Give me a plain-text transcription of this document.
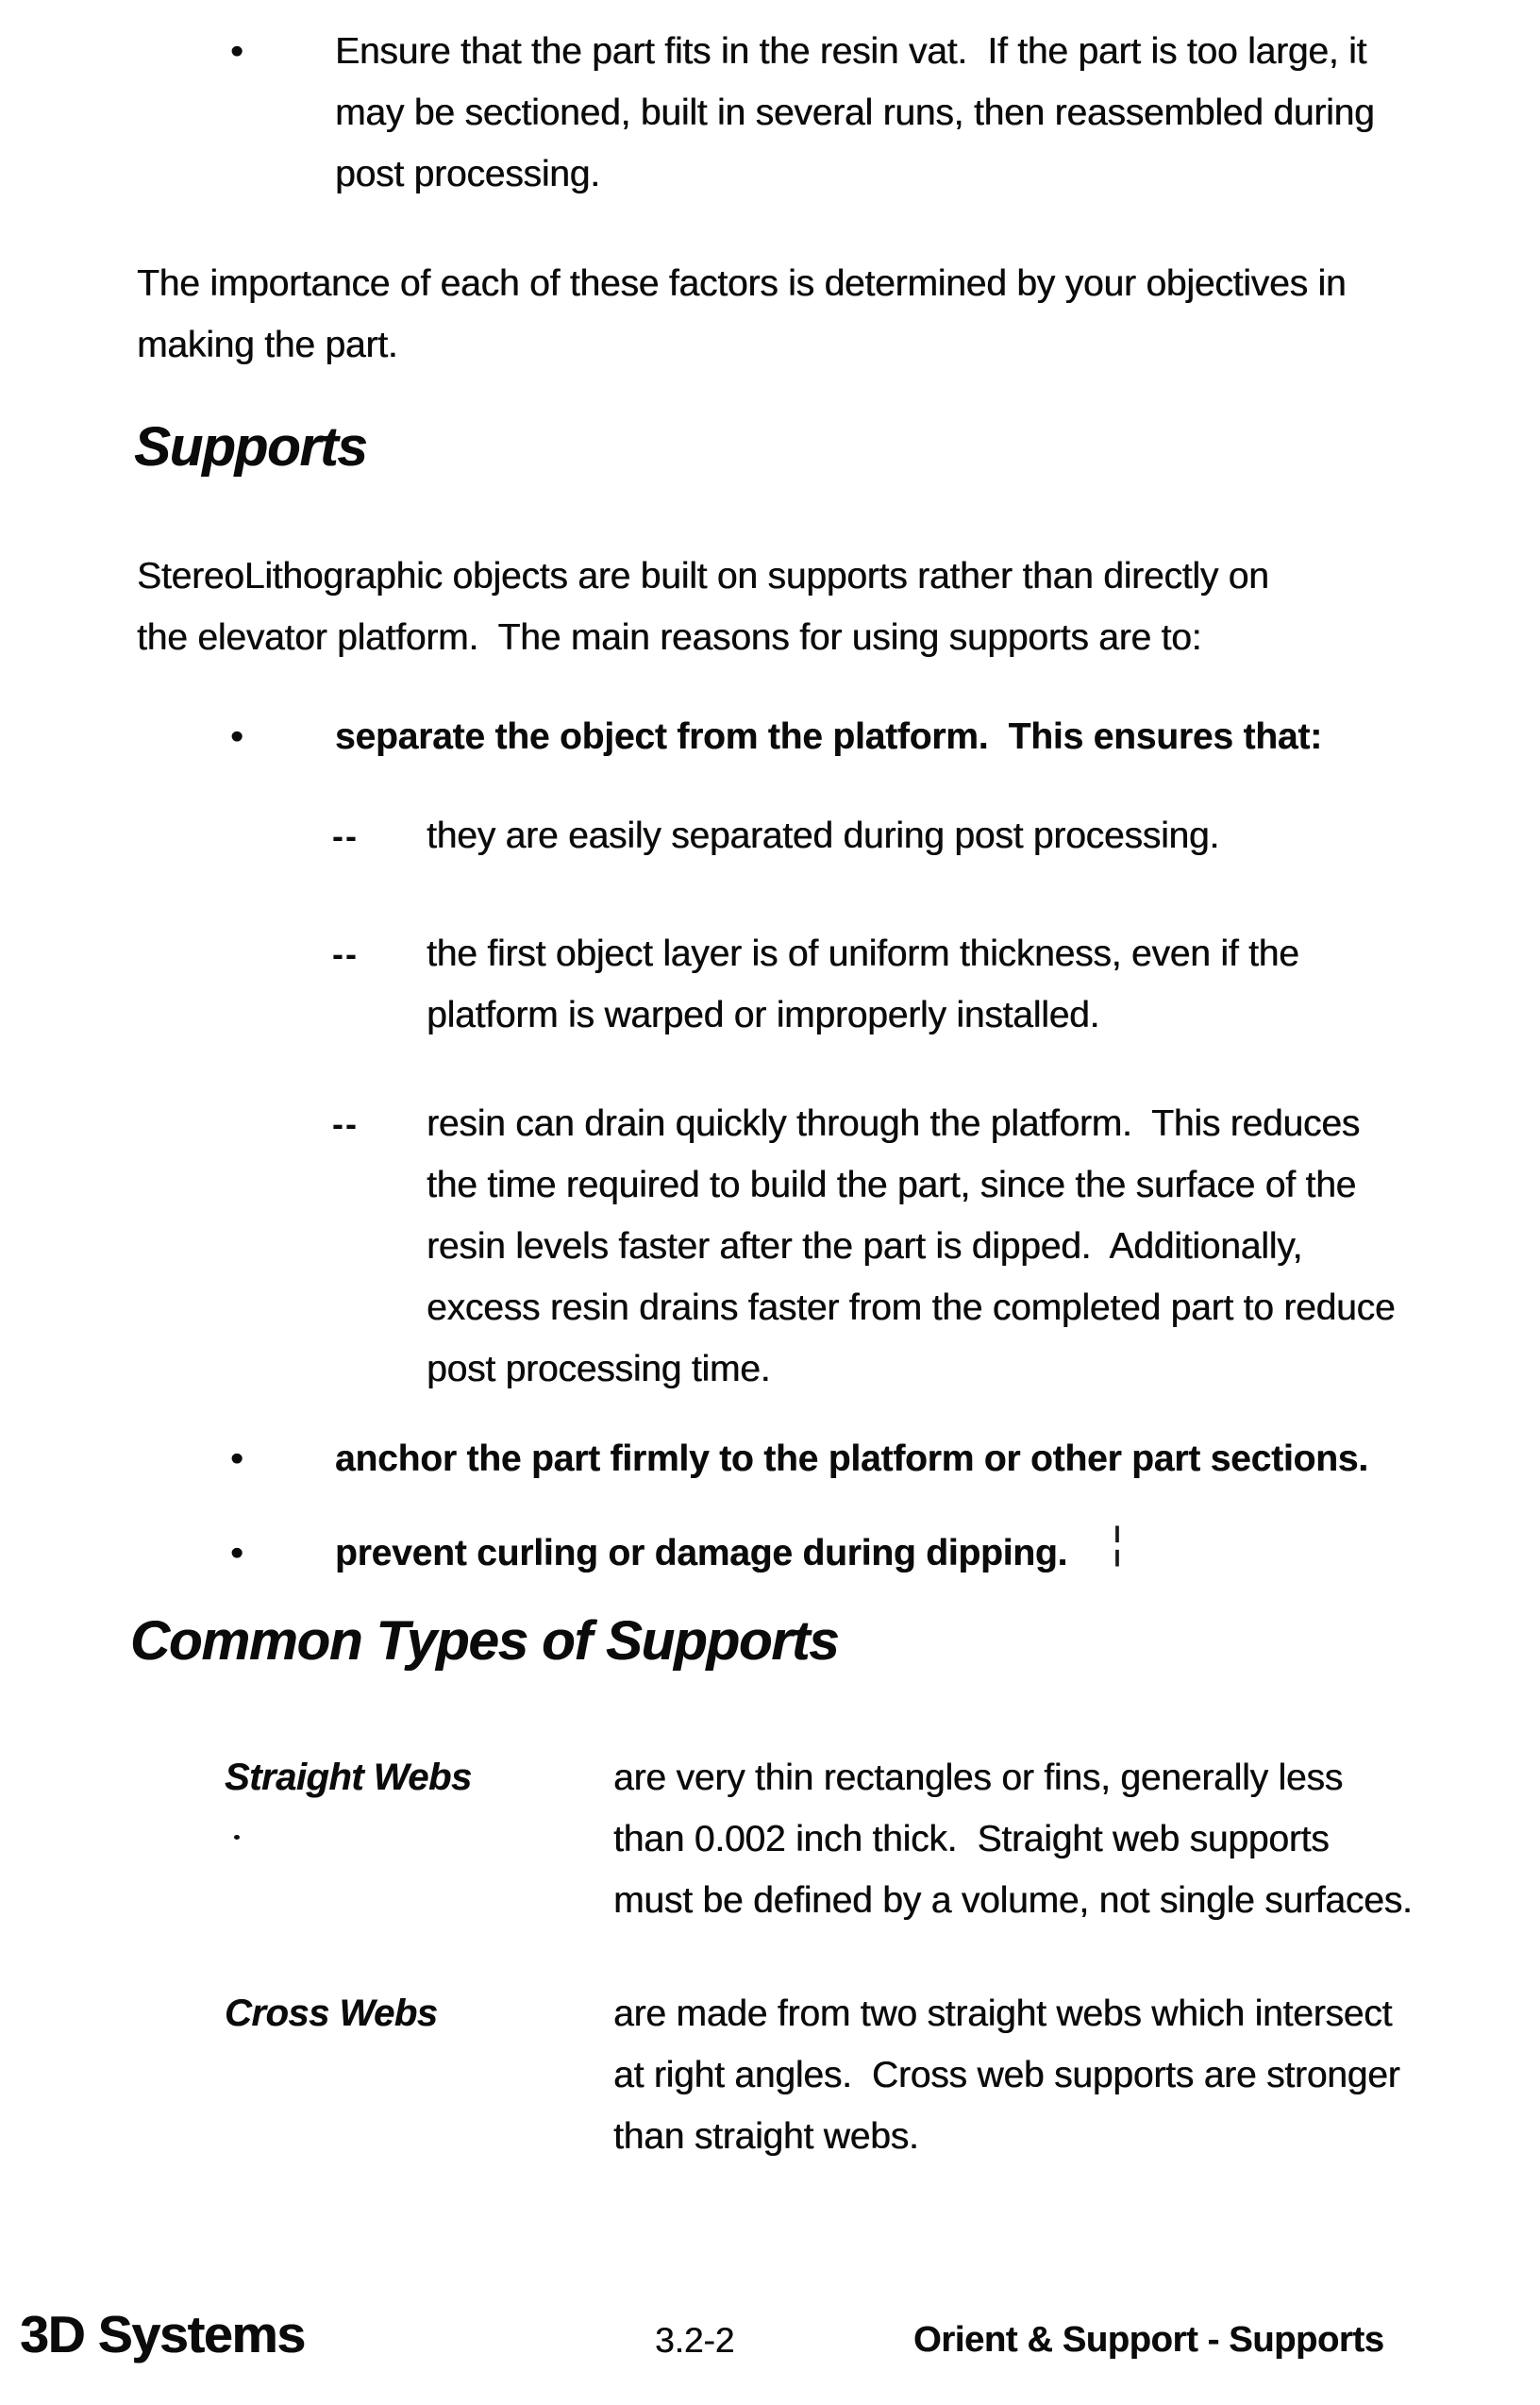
• Ensure that the part fits in the resin vat.  If the part is too large, it
may be sectioned, built in several runs, then reassembled during
post processing.
The importance of each of these factors is determined by your objectives in
making the part.
Supports
StereoLithographic objects are built on supports rather than directly on
the elevator platform.  The main reasons for using supports are to:
• separate the object from the platform.  This ensures that:
-- they are easily separated during post processing.
-- the first object layer is of uniform thickness, even if the
platform is warped or improperly installed.
-- resin can drain quickly through the platform.  This reduces
the time required to build the part, since the surface of the
resin levels faster after the part is dipped.  Additionally,
excess resin drains faster from the completed part to reduce
post processing time.
• anchor the part firmly to the platform or other part sections.
• prevent curling or damage during dipping. ¦
Common Types of Supports
Straight Webs	are very thin rectangles or fins, generally less
than 0.002 inch thick.  Straight web supports
must be defined by a volume, not single surfaces.
Cross Webs	are made from two straight webs which intersect
at right angles.  Cross web supports are stronger
than straight webs.
3D Systems	3.2-2	Orient & Support - Supports
